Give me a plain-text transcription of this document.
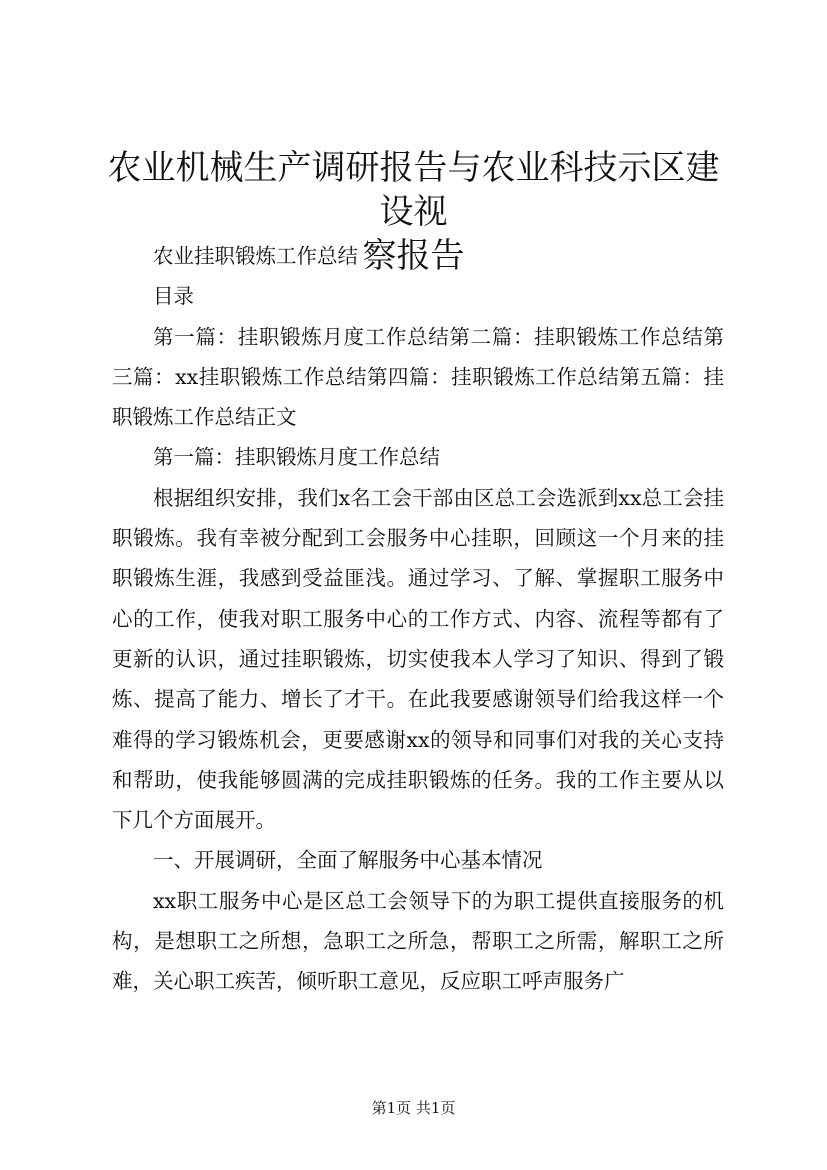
农业机械生产调研报告与农业科技示区建设视
察报告

农业挂职锻炼工作总结

目录

第一篇：挂职锻炼月度工作总结第二篇：挂职锻炼工作总结第三篇：xx挂职锻炼工作总结第四篇：挂职锻炼工作总结第五篇：挂职锻炼工作总结正文

第一篇：挂职锻炼月度工作总结

根据组织安排，我们x名工会干部由区总工会选派到xx总工会挂职锻炼。我有幸被分配到工会服务中心挂职，回顾这一个月来的挂职锻炼生涯，我感到受益匪浅。通过学习、了解、掌握职工服务中心的工作，使我对职工服务中心的工作方式、内容、流程等都有了更新的认识，通过挂职锻炼，切实使我本人学习了知识、得到了锻炼、提高了能力、增长了才干。在此我要感谢领导们给我这样一个难得的学习锻炼机会，更要感谢xx的领导和同事们对我的关心支持和帮助，使我能够圆满的完成挂职锻炼的任务。我的工作主要从以下几个方面展开。

一、开展调研，全面了解服务中心基本情况

xx职工服务中心是区总工会领导下的为职工提供直接服务的机构，是想职工之所想，急职工之所急，帮职工之所需，解职工之所难，关心职工疾苦，倾听职工意见，反应职工呼声服务广

第1页 共1页
